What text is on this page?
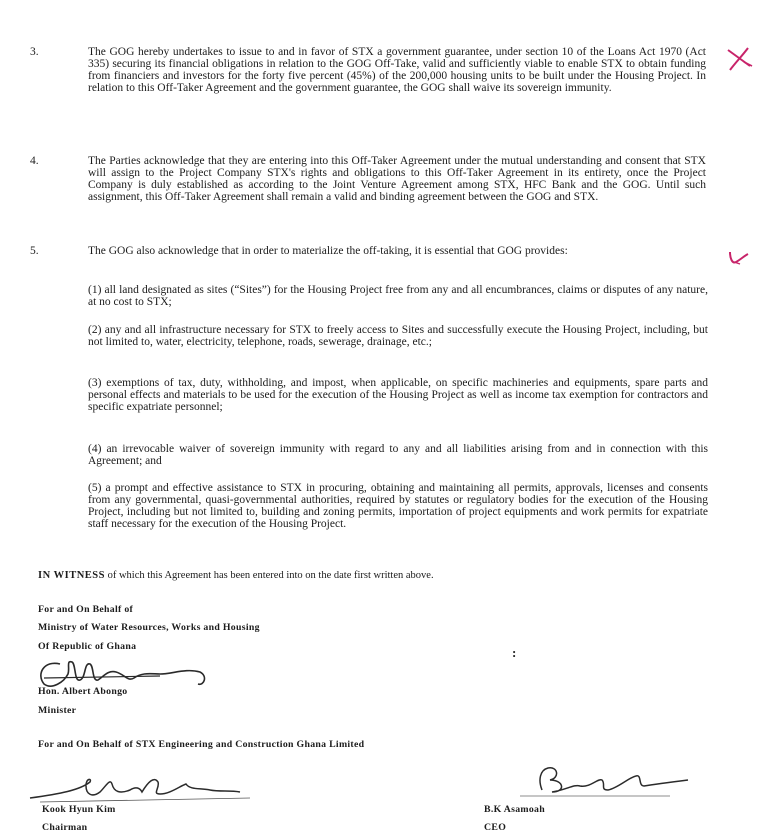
3.	The GOG hereby undertakes to issue to and in favor of STX a government guarantee, under section 10 of the Loans Act 1970 (Act 335) securing its financial obligations in relation to the GOG Off-Take, valid and sufficiently viable to enable STX to obtain funding from financiers and investors for the forty five percent (45%) of the 200,000 housing units to be built under the Housing Project. In relation to this Off-Taker Agreement and the government guarantee, the GOG shall waive its sovereign immunity.
4.	The Parties acknowledge that they are entering into this Off-Taker Agreement under the mutual understanding and consent that STX will assign to the Project Company STX's rights and obligations to this Off-Taker Agreement in its entirety, once the Project Company is duly established as according to the Joint Venture Agreement among STX, HFC Bank and the GOG. Until such assignment, this Off-Taker Agreement shall remain a valid and binding agreement between the GOG and STX.
5.	The GOG also acknowledge that in order to materialize the off-taking, it is essential that GOG provides:
(1) all land designated as sites (“Sites”) for the Housing Project free from any and all encumbrances, claims or disputes of any nature, at no cost to STX;
(2) any and all infrastructure necessary for STX to freely access to Sites and successfully execute the Housing Project, including, but not limited to, water, electricity, telephone, roads, sewerage, drainage, etc.;
(3) exemptions of tax, duty, withholding, and impost, when applicable, on specific machineries and equipments, spare parts and personal effects and materials to be used for the execution of the Housing Project as well as income tax exemption for contractors and specific expatriate personnel;
(4) an irrevocable waiver of sovereign immunity with regard to any and all liabilities arising from and in connection with this Agreement; and
(5) a prompt and effective assistance to STX in procuring, obtaining and maintaining all permits, approvals, licenses and consents from any governmental, quasi-governmental authorities, required by statutes or regulatory bodies for the execution of the Housing Project, including but not limited to, building and zoning permits, importation of project equipments and work permits for expatriate staff necessary for the execution of the Housing Project.
IN WITNESS of which this Agreement has been entered into on the date first written above.
For and On Behalf of
Ministry of Water Resources, Works and Housing
Of Republic of Ghana	:
Hon. Albert Abongo
Minister
For and On Behalf of STX Engineering and Construction Ghana Limited
Kook Hyun Kim
Chairman
B.K Asamoah
CEO
